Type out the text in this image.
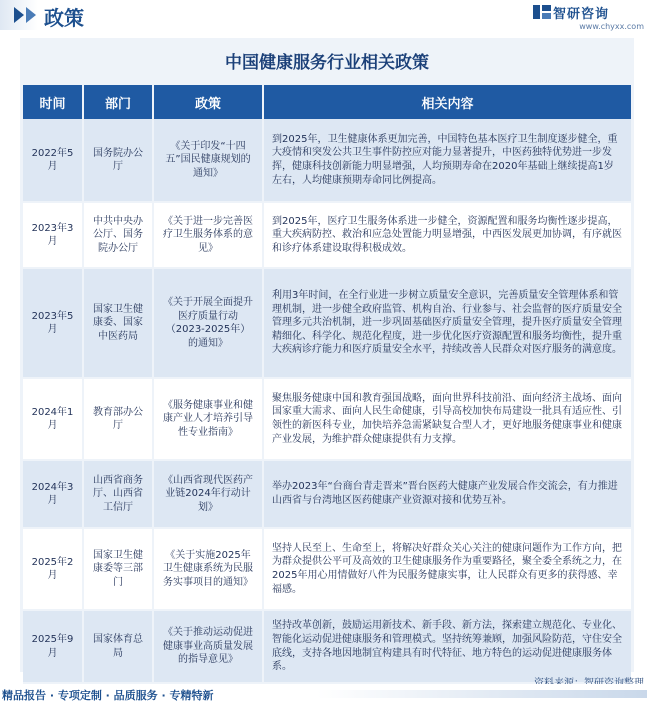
政策	智研咨询
www.chyxx.com
中国健康服务行业相关政策
时间	部门	政策	相关内容
2022年5月	国务院办公厅	《关于印发“十四五”国民健康规划的通知》	到2025年，卫生健康体系更加完善，中国特色基本医疗卫生制度逐步健全，重大疫情和突发公共卫生事件防控应对能力显著提升，中医药独特优势进一步发挥，健康科技创新能力明显增强，人均预期寿命在2020年基础上继续提高1岁左右，人均健康预期寿命同比例提高。
2023年3月	中共中央办公厅、国务院办公厅	《关于进一步完善医疗卫生服务体系的意见》	到2025年，医疗卫生服务体系进一步健全，资源配置和服务均衡性逐步提高，重大疾病防控、救治和应急处置能力明显增强，中西医发展更加协调，有序就医和诊疗体系建设取得积极成效。
2023年5月	国家卫生健康委、国家中医药局	《关于开展全面提升医疗质量行动（2023-2025年）的通知》	利用3年时间，在全行业进一步树立质量安全意识，完善质量安全管理体系和管理机制，进一步健全政府监管、机构自治、行业参与、社会监督的医疗质量安全管理多元共治机制，进一步巩固基础医疗质量安全管理，提升医疗质量安全管理精细化、科学化、规范化程度，进一步优化医疗资源配置和服务均衡性，提升重大疾病诊疗能力和医疗质量安全水平，持续改善人民群众对医疗服务的满意度。
2024年1月	教育部办公厅	《服务健康事业和健康产业人才培养引导性专业指南》	聚焦服务健康中国和教育强国战略，面向世界科技前沿、面向经济主战场、面向国家重大需求、面向人民生命健康，引导高校加快布局建设一批具有适应性、引领性的新医科专业，加快培养急需紧缺复合型人才，更好地服务健康事业和健康产业发展，为维护群众健康提供有力支撑。
2024年3月	山西省商务厅、山西省工信厅	《山西省现代医药产业链2024年行动计划》	举办2023年“台商台青走晋来”晋台医药大健康产业发展合作交流会，有力推进山西省与台湾地区医药健康产业资源对接和优势互补。
2025年2月	国家卫生健康委等三部门	《关于实施2025年卫生健康系统为民服务实事项目的通知》	坚持人民至上、生命至上，将解决好群众关心关注的健康问题作为工作方向，把为群众提供公平可及高效的卫生健康服务作为重要路径，聚全委全系统之力，在2025年用心用情做好八件为民服务健康实事，让人民群众有更多的获得感、幸福感。
2025年9月	国家体育总局	《关于推动运动促进健康事业高质量发展的指导意见》	坚持改革创新，鼓励运用新技术、新手段、新方法，探索建立规范化、专业化、智能化运动促进健康服务和管理模式。坚持统筹兼顾，加强风险防范，守住安全底线，支持各地因地制宜构建具有时代特征、地方特色的运动促进健康服务体系。
精品报告 · 专项定制 · 品质服务 · 专精特新
